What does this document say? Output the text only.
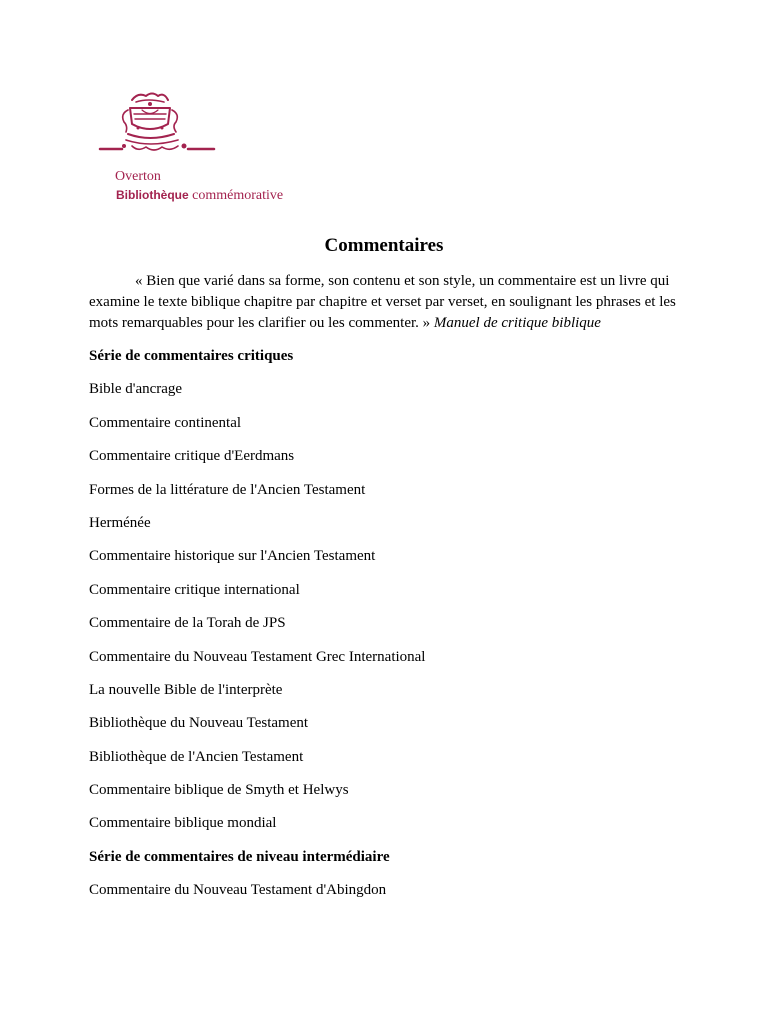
Overton
Bibliothèque commémorative
Commentaires
« Bien que varié dans sa forme, son contenu et son style, un commentaire est un livre qui examine le texte biblique chapitre par chapitre et verset par verset, en soulignant les phrases et les mots remarquables pour les clarifier ou les commenter. » Manuel de critique biblique
Série de commentaires critiques
Bible d'ancrage
Commentaire continental
Commentaire critique d'Eerdmans
Formes de la littérature de l'Ancien Testament
Herménée
Commentaire historique sur l'Ancien Testament
Commentaire critique international
Commentaire de la Torah de JPS
Commentaire du Nouveau Testament Grec International
La nouvelle Bible de l'interprète
Bibliothèque du Nouveau Testament
Bibliothèque de l'Ancien Testament
Commentaire biblique de Smyth et Helwys
Commentaire biblique mondial
Série de commentaires de niveau intermédiaire
Commentaire du Nouveau Testament d'Abingdon
